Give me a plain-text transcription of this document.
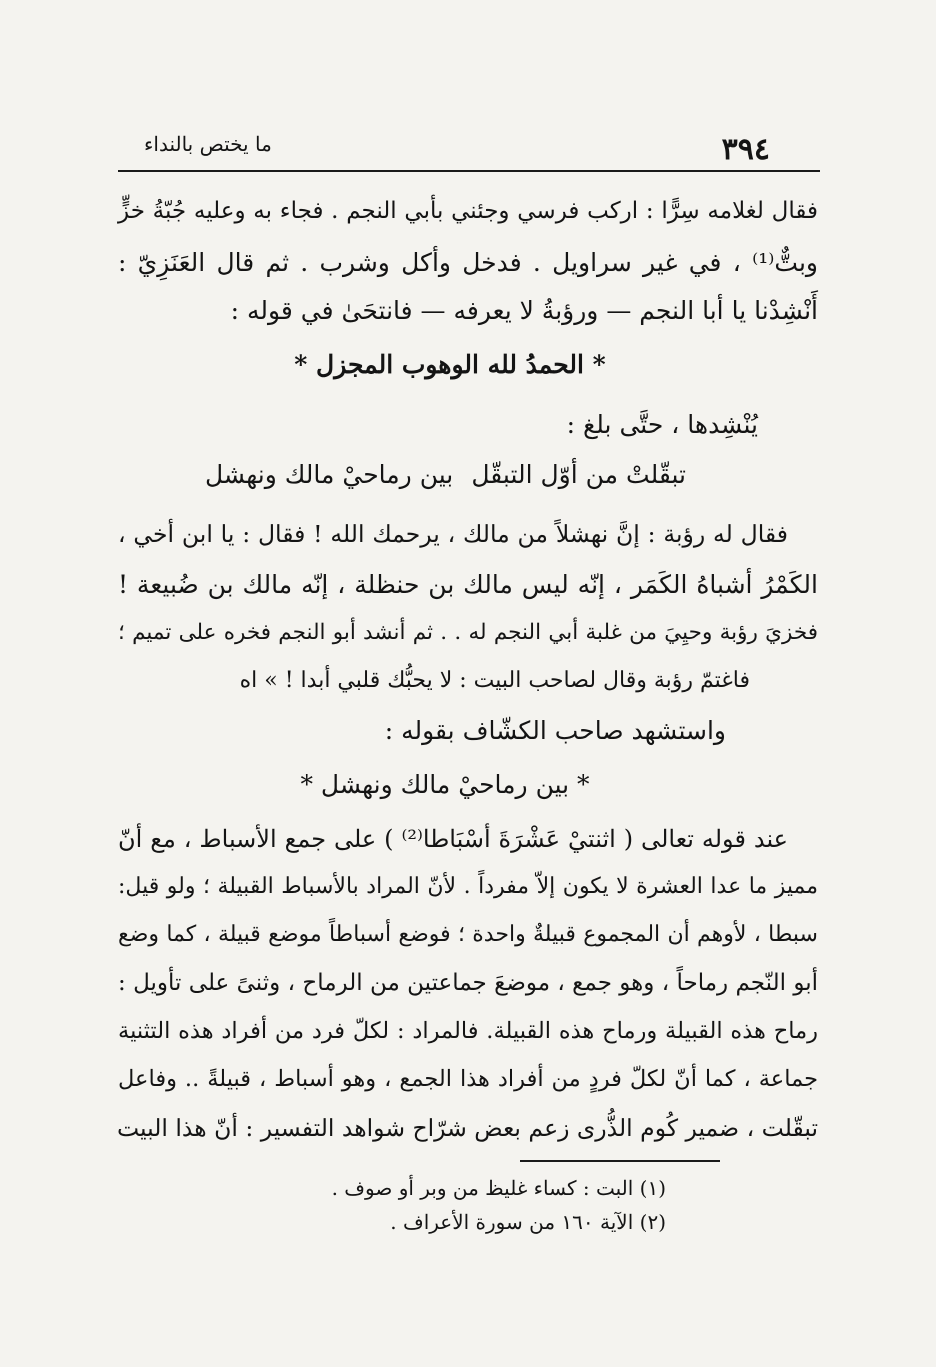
٣٩٤
ما يختص بالنداء
فقال لغلامه سِرًّا : اركب فرسي وجئني بأبي النجم . فجاء به وعليه جُبّةُ خزٍّ
وبتٌّ⁽¹⁾ ، في غير سراويل . فدخل وأكل وشرب . ثم قال العَنَزِيّ :
أَنْشِدْنا يا أبا النجم — ورؤبةُ لا يعرفه — فانتحَىٰ في قوله :
* الحمدُ لله الوهوب المجزل *
يُنْشِدها ، حتَّى بلغ :
تبقّلتْ من أوّل التبقّل
بين رماحيْ مالك ونهشل
فقال له رؤبة : إنَّ نهشلاً من مالك ، يرحمك الله ! فقال : يا ابن أخي ،
الكَمْرُ أشباهُ الكَمَر ، إنّه ليس مالك بن حنظلة ، إنّه مالك بن ضُبيعة !
فخزيَ رؤبة وحيِيَ من غلبة أبي النجم له . . ثم أنشد أبو النجم فخره على تميم ؛
فاغتمّ رؤبة وقال لصاحب البيت : لا يحبُّك قلبي أبدا ! » اه
واستشهد صاحب الكشّاف بقوله :
* بين رماحيْ مالك ونهشل *
عند قوله تعالى ( اثنتيْ عَشْرَةَ أسْبَاطا⁽²⁾ ) على جمع الأسباط ، مع أنّ
مميز ما عدا العشرة لا يكون إلاّ مفرداً . لأنّ المراد بالأسباط القبيلة ؛ ولو قيل:
سبطا ، لأوهم أن المجموع قبيلةٌ واحدة ؛ فوضع أسباطاً موضع قبيلة ، كما وضع
أبو النّجم رماحاً ، وهو جمع ، موضعَ جماعتين من الرماح ، وثنىً على تأويل :
رماح هذه القبيلة ورماح هذه القبيلة. فالمراد : لكلّ فرد من أفراد هذه التثنية
جماعة ، كما أنّ لكلّ فردٍ من أفراد هذا الجمع ، وهو أسباط ، قبيلةً .. وفاعل
تبقّلت ، ضمير كُوم الذُّرى زعم بعض شرّاح شواهد التفسير : أنّ هذا البيت
(١) البت : كساء غليظ من وبر أو صوف .
(٢) الآية ١٦٠ من سورة الأعراف .
